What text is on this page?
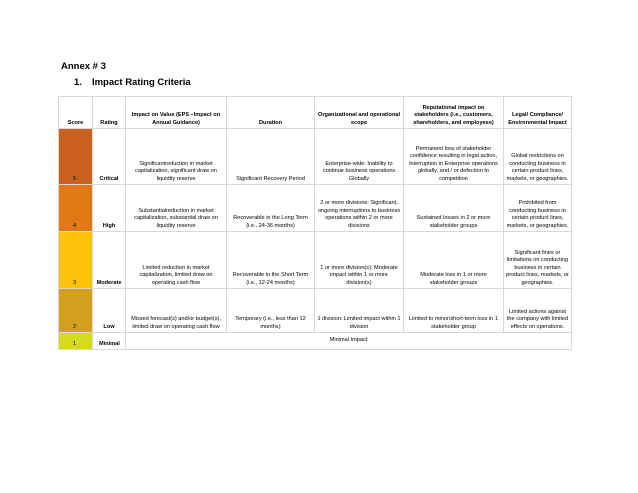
Annex # 3
1. Impact Rating Criteria
Score	Rating	Impact on Value (EPS –Impact on Annual Guidance)	Duration	Organizational and operational scope	Reputational impact on stakeholders (i.e., customers, shareholders, and employees)	Legal/ Compliance/ Environmental Impact
5	Critical	Significantreduction in market capitalization, significant draw on liquidity reserve	Significant Recovery Period	Enterprise-wide: Inability to continue business operations Globally	Permanent loss of stakeholder confidence resulting in legal action, interruption in Enterprise operations globally, and / or defection to competition	Global restrictions on conducting business in certain product lines, markets, or geographies.
4	High	Substantialreduction in market capitalization, substantial draw on liquidity reserve	Recoverable in the Long Term (i.e., 24-36 months)	2 or more divisions: Significant, ongoing interruptions to business operations within 2 or more divisions	Sustained losses in 2 or more stakeholder groups	Prohibited from conducting business in certain product lines, markets, or geographies.
3	Moderate	Limited reduction in market capitalization, limited draw on operating cash flow	Recoverable in the Short Term (i.e., 12-24 months)	1 or more division(s): Moderate impact within 1 or more division(s)	Moderate loss in 1 or more stakeholder groups	Significant fines or limitations on conducting business in certain product lines, markets, or geographies.
2	Low	Missed forecast(s) and/or budget(s), limited draw on operating cash flow	Temporary (i.e., less than 12 months)	1 division: Limited impact within 1 division	Limited to minor/short-term loss in 1 stakeholder group	Limited actions against the company with limited effects on operations.
1	Minimal	Minimal Impact				
